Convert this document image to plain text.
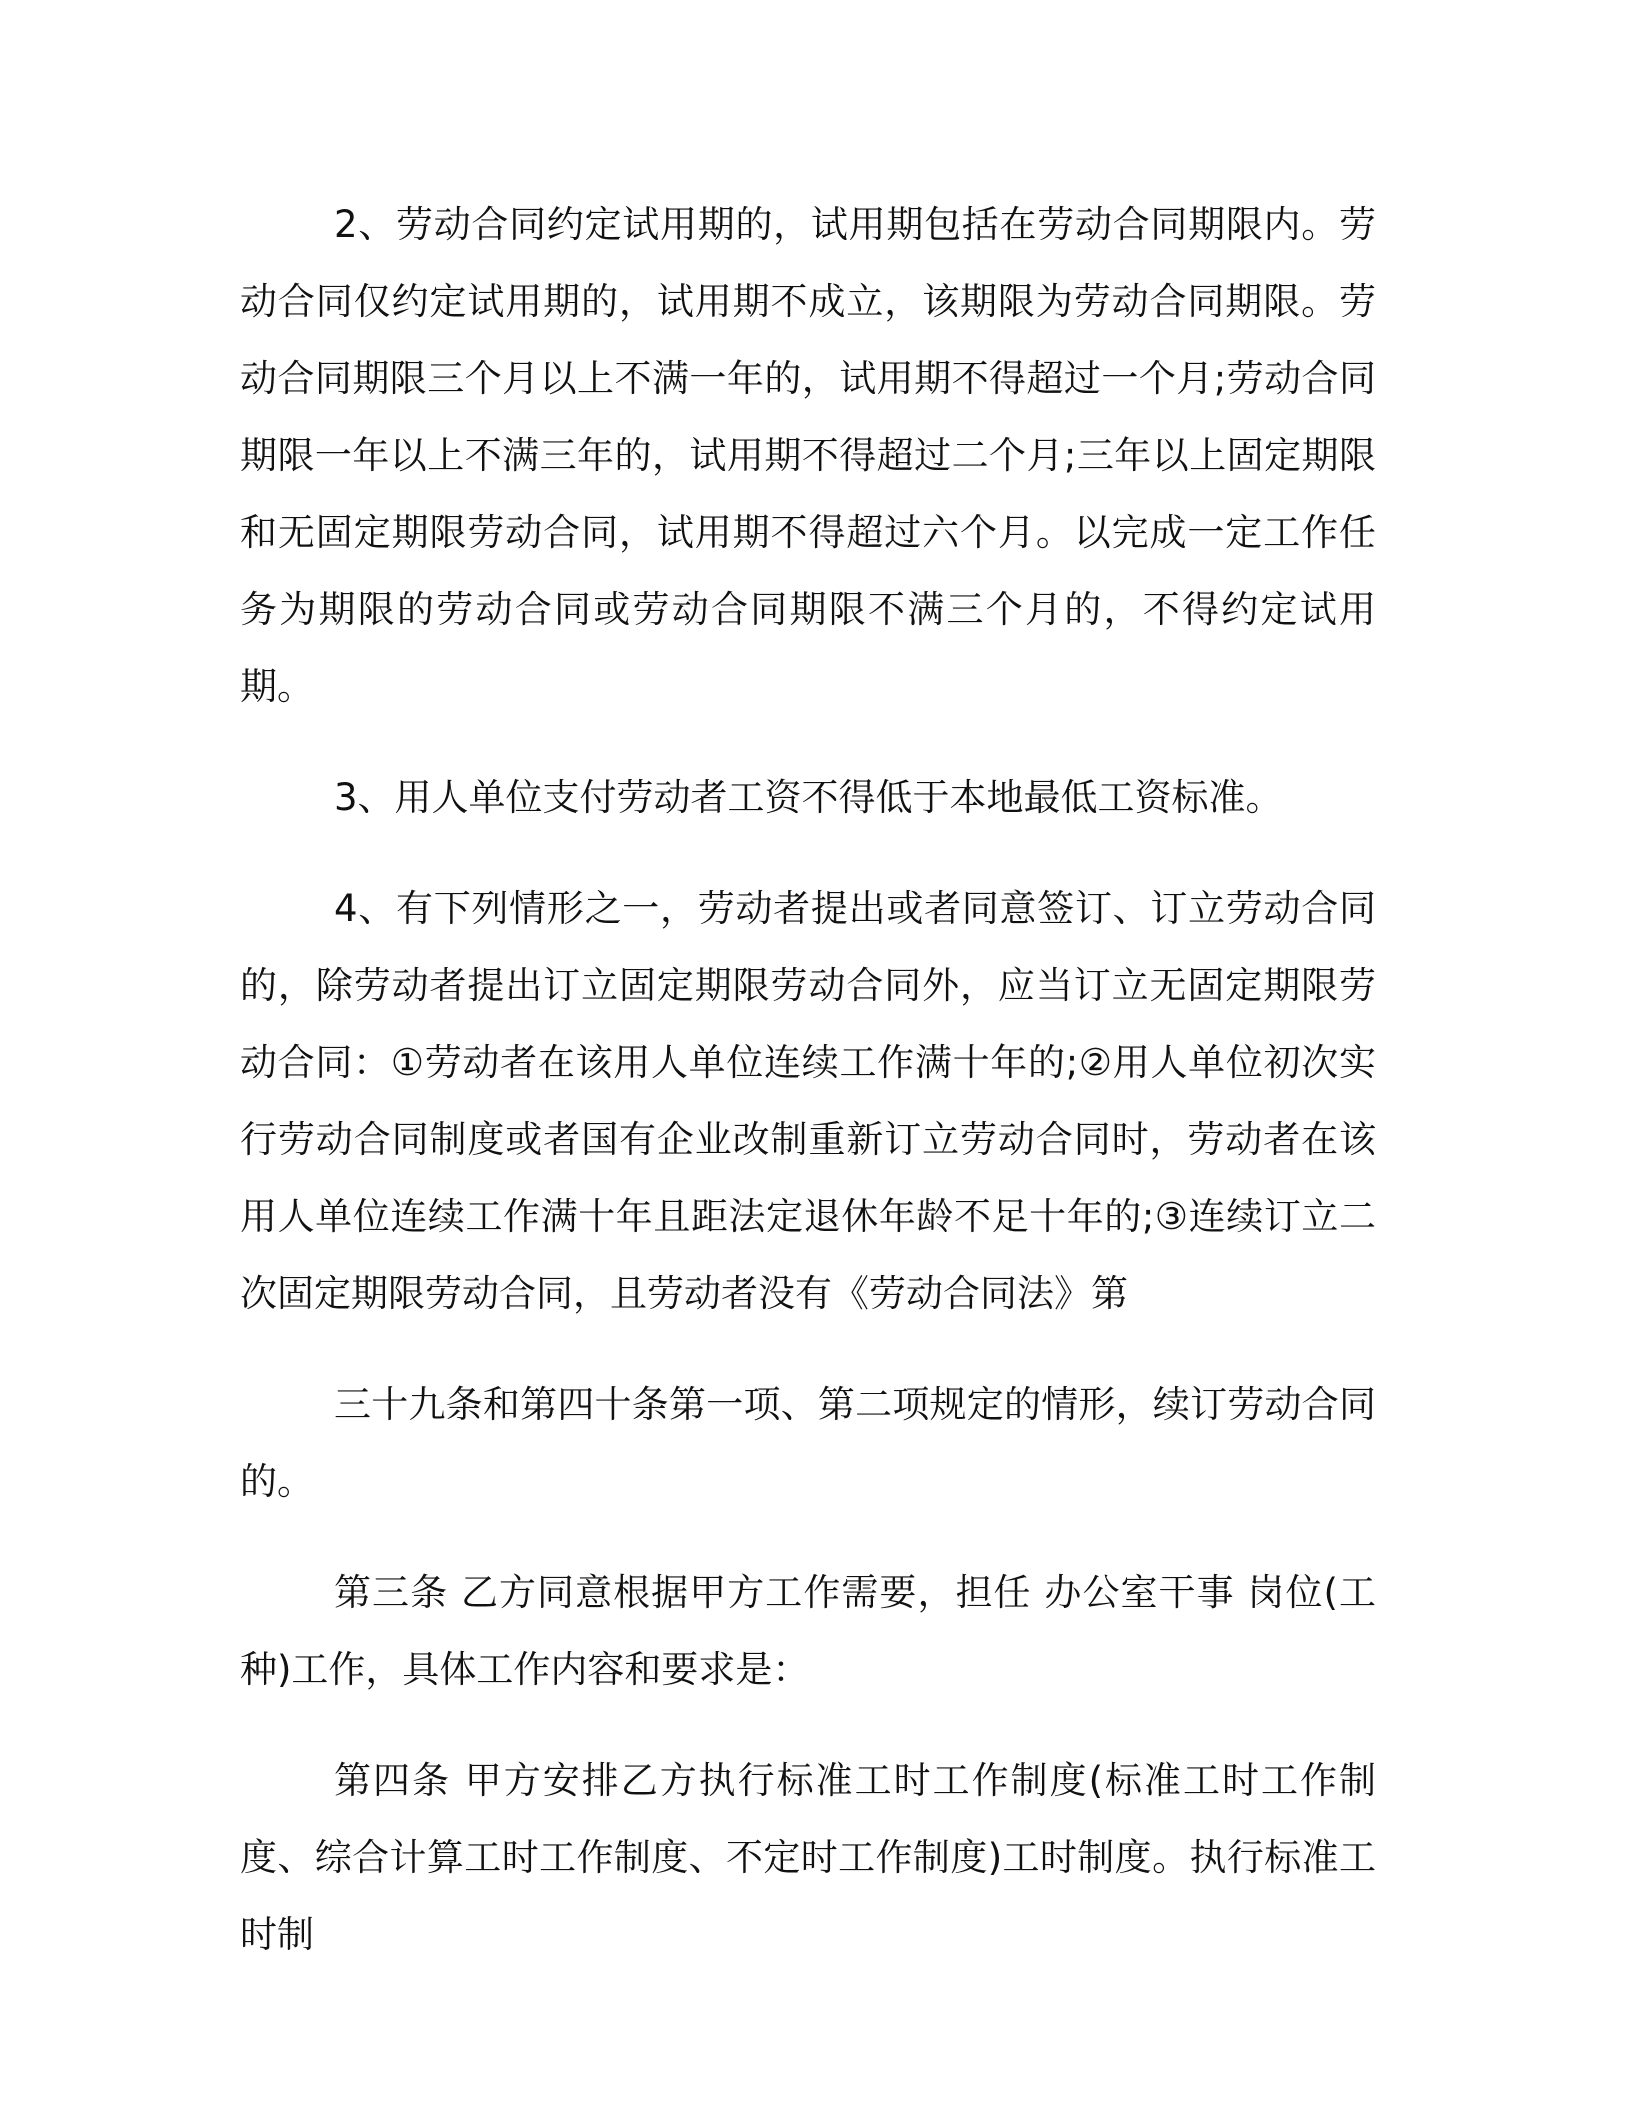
2、劳动合同约定试用期的，试用期包括在劳动合同期限内。劳动合同仅约定试用期的，试用期不成立，该期限为劳动合同期限。劳动合同期限三个月以上不满一年的，试用期不得超过一个月;劳动合同期限一年以上不满三年的，试用期不得超过二个月;三年以上固定期限和无固定期限劳动合同，试用期不得超过六个月。以完成一定工作任务为期限的劳动合同或劳动合同期限不满三个月的，不得约定试用期。

3、用人单位支付劳动者工资不得低于本地最低工资标准。

4、有下列情形之一，劳动者提出或者同意签订、订立劳动合同的，除劳动者提出订立固定期限劳动合同外，应当订立无固定期限劳动合同：①劳动者在该用人单位连续工作满十年的;②用人单位初次实行劳动合同制度或者国有企业改制重新订立劳动合同时，劳动者在该用人单位连续工作满十年且距法定退休年龄不足十年的;③连续订立二次固定期限劳动合同，且劳动者没有《劳动合同法》第

三十九条和第四十条第一项、第二项规定的情形，续订劳动合同的。

第三条 乙方同意根据甲方工作需要，担任 办公室干事 岗位(工种)工作，具体工作内容和要求是：

第四条 甲方安排乙方执行标准工时工作制度(标准工时工作制度、综合计算工时工作制度、不定时工作制度)工时制度。执行标准工时制
